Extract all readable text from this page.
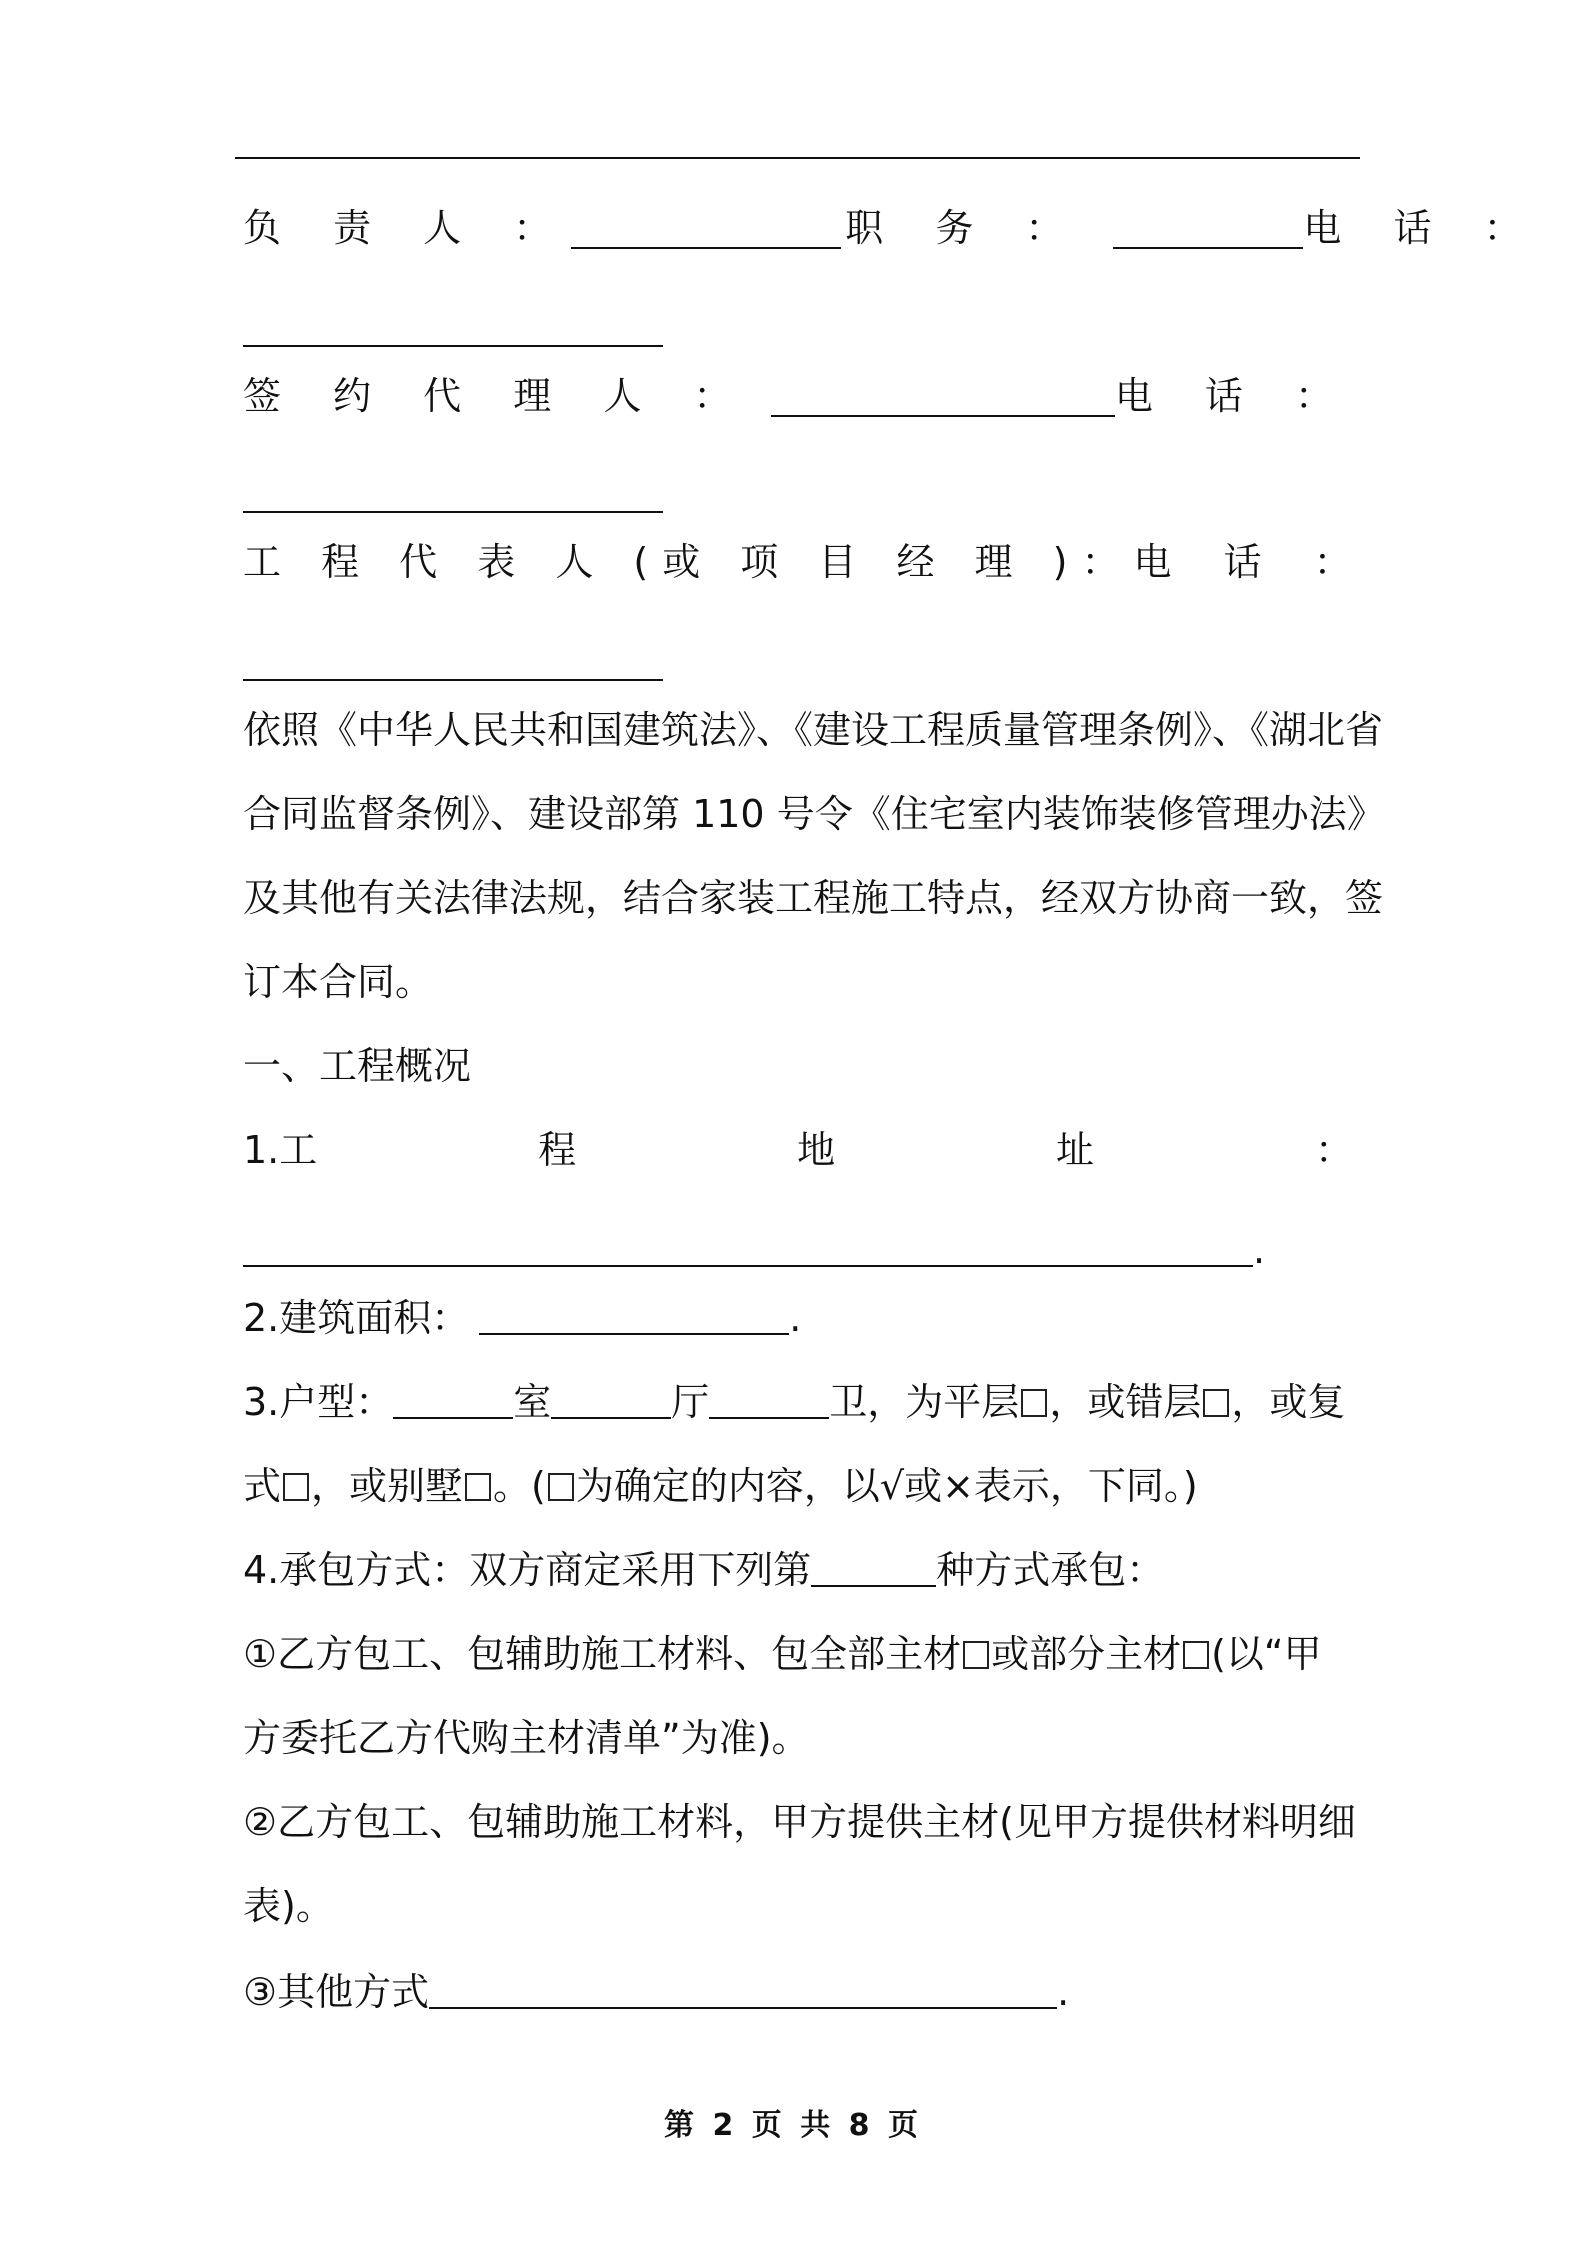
负 责 人 ：	职 务 ：	电 话 ：
签 约 代 理 人 ：	电 话 ：
工 程 代 表 人 (或 项 目 经 理 )： 电 话 ：
依照《中华人民共和国建筑法》、《建设工程质量管理条例》、《湖北省
合同监督条例》、建设部第 110 号令《住宅室内装饰装修管理办法》
及其他有关法律法规，结合家装工程施工特点，经双方协商一致，签
订本合同。
一、工程概况
1.工	程	地	址	：
.
2.建筑面积：	.
3.户型：	室	厅	卫，为平层 ，或错层 ，或复
式 ，或别墅 。( 为确定的内容，以√或×表示，下同。)
4.承包方式：双方商定采用下列第	种方式承包：
①乙方包工、包辅助施工材料、包全部主材 或部分主材 (以“甲
方委托乙方代购主材清单”为准)。
②乙方包工、包辅助施工材料，甲方提供主材(见甲方提供材料明细
表)。
③其他方式	.
第 2 页 共 8 页
